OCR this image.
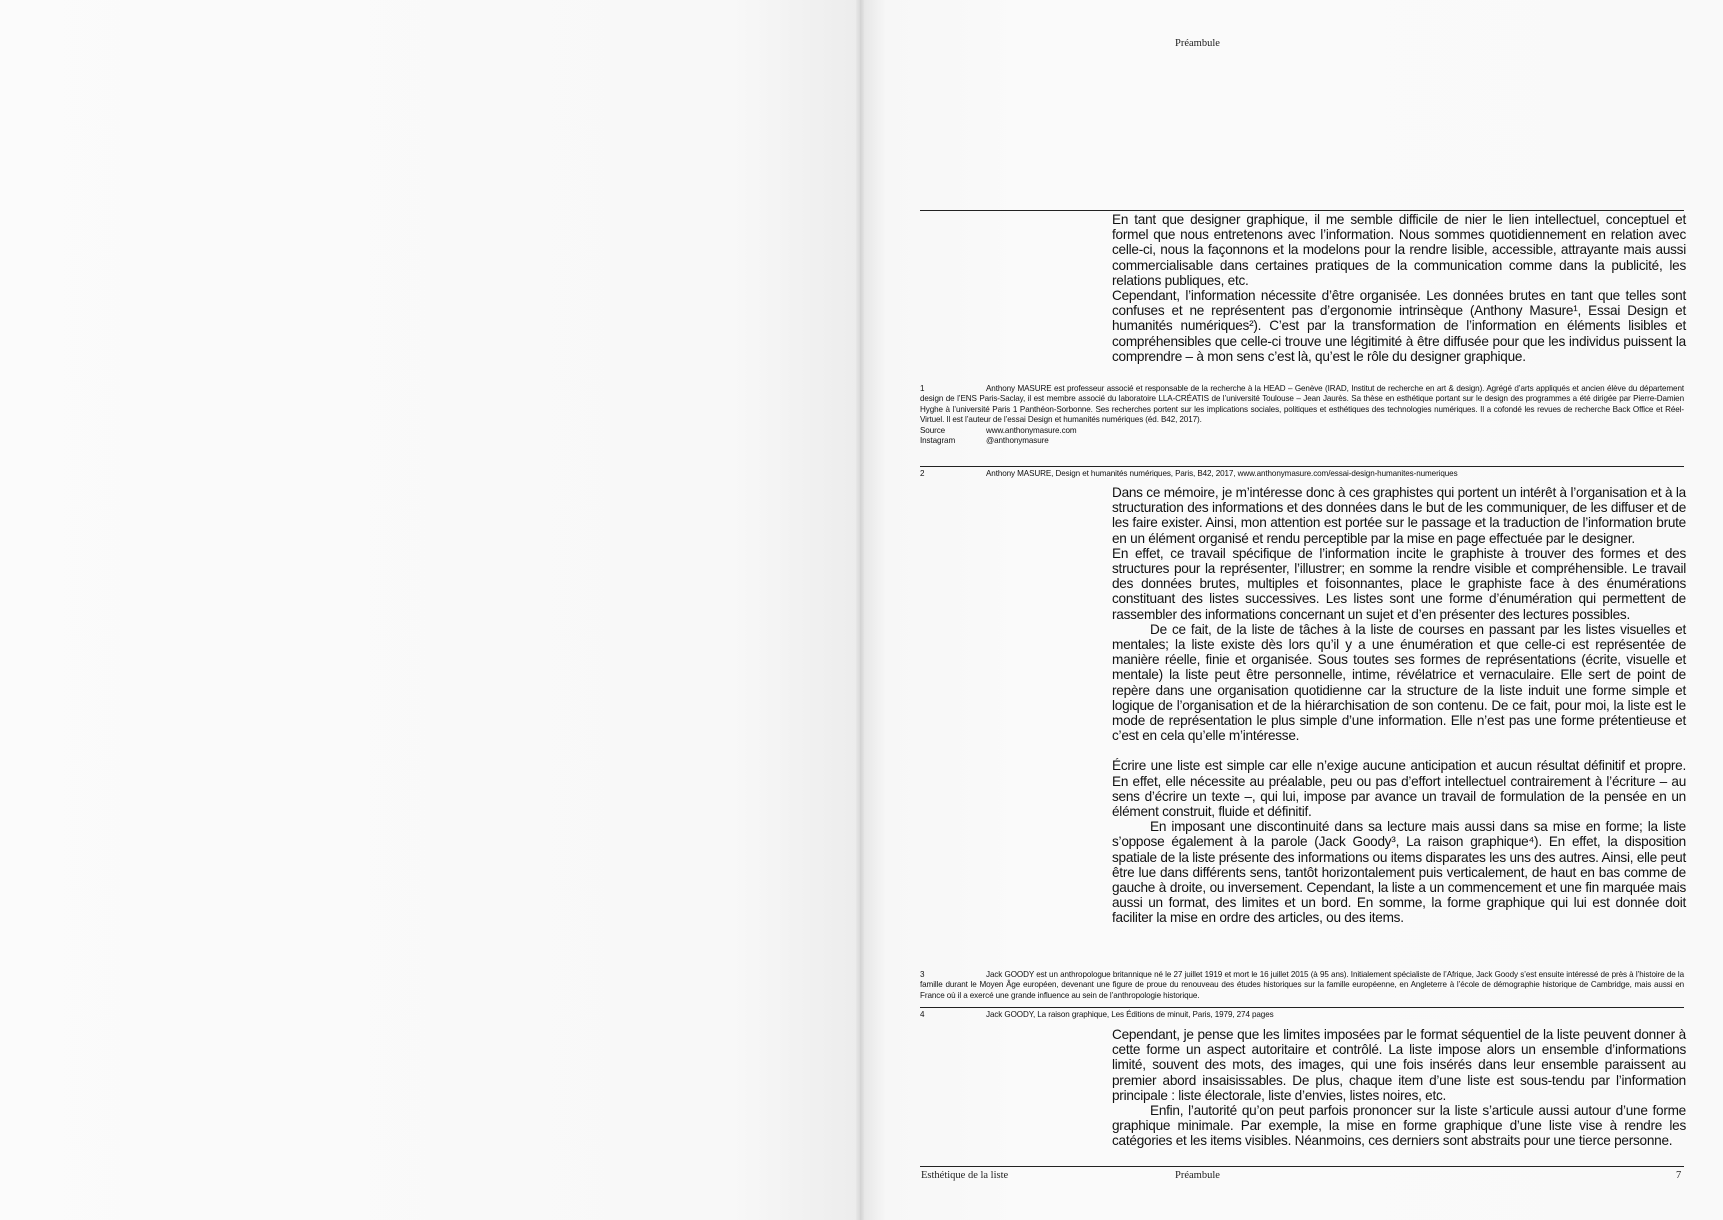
Préambule

En tant que designer graphique, il me semble difficile de nier le lien intellectuel, conceptuel et formel que nous entretenons avec l’information. Nous sommes quotidiennement en relation avec celle-ci, nous la façonnons et la modelons pour la rendre lisible, accessible, attrayante mais aussi commercialisable dans certaines pratiques de la communication comme dans la publicité, les relations publiques, etc.

Cependant, l’information nécessite d’être organisée. Les données brutes en tant que telles sont confuses et ne représentent pas d’ergonomie intrinsèque (Anthony Masure¹, Essai Design et humanités numériques²). C’est par la transformation de l’information en éléments lisibles et compréhensibles que celle-ci trouve une légitimité à être diffusée pour que les individus puissent la comprendre – à mon sens c’est là, qu’est le rôle du designer graphique.

1	Anthony MASURE est professeur associé et responsable de la recherche à la HEAD – Genève (IRAD, Institut de recherche en art & design). Agrégé d’arts appliqués et ancien élève du département design de l’ENS Paris-Saclay, il est membre associé du laboratoire LLA-CRÉATIS de l’université Toulouse – Jean Jaurès. Sa thèse en esthétique portant sur le design des programmes a été dirigée par Pierre-Damien Hyghe à l’université Paris 1 Panthéon-Sorbonne. Ses recherches portent sur les implications sociales, politiques et esthétiques des technologies numériques. Il a cofondé les revues de recherche Back Office et Réel-Virtuel. Il est l’auteur de l’essai Design et humanités numériques (éd. B42, 2017).
Source	www.anthonymasure.com
Instagram	@anthonymasure
2	Anthony MASURE, Design et humanités numériques, Paris, B42, 2017, www.anthonymasure.com/essai-design-humanites-numeriques

Dans ce mémoire, je m’intéresse donc à ces graphistes qui portent un intérêt à l’organisation et à la structuration des informations et des données dans le but de les communiquer, de les diffuser et de les faire exister. Ainsi, mon attention est portée sur le passage et la traduction de l’information brute en un élément organisé et rendu perceptible par la mise en page effectuée par le designer.

En effet, ce travail spécifique de l’information incite le graphiste à trouver des formes et des structures pour la représenter, l’illustrer; en somme la rendre visible et compréhensible. Le travail des données brutes, multiples et foisonnantes, place le graphiste face à des énumérations constituant des listes successives. Les listes sont une forme d’énumération qui permettent de rassembler des informations concernant un sujet et d’en présenter des lectures possibles.

De ce fait, de la liste de tâches à la liste de courses en passant par les listes visuelles et mentales; la liste existe dès lors qu’il y a une énumération et que celle-ci est représentée de manière réelle, finie et organisée. Sous toutes ses formes de représentations (écrite, visuelle et mentale) la liste peut être personnelle, intime, révélatrice et vernaculaire. Elle sert de point de repère dans une organisation quotidienne car la structure de la liste induit une forme simple et logique de l’organisation et de la hiérarchisation de son contenu. De ce fait, pour moi, la liste est le mode de représentation le plus simple d’une information. Elle n’est pas une forme prétentieuse et c’est en cela qu’elle m’intéresse.

Écrire une liste est simple car elle n’exige aucune anticipation et aucun résultat définitif et propre. En effet, elle nécessite au préalable, peu ou pas d’effort intellectuel contrairement à l’écriture – au sens d’écrire un texte –, qui lui, impose par avance un travail de formulation de la pensée en un élément construit, fluide et définitif.

En imposant une discontinuité dans sa lecture mais aussi dans sa mise en forme; la liste s’oppose également à la parole (Jack Goody³, La raison graphique⁴). En effet, la disposition spatiale de la liste présente des informations ou items disparates les uns des autres. Ainsi, elle peut être lue dans différents sens, tantôt horizontalement puis verticalement, de haut en bas comme de gauche à droite, ou inversement. Cependant, la liste a un commencement et une fin marquée mais aussi un format, des limites et un bord. En somme, la forme graphique qui lui est donnée doit faciliter la mise en ordre des articles, ou des items.

3	Jack GOODY est un anthropologue britannique né le 27 juillet 1919 et mort le 16 juillet 2015 (à 95 ans). Initialement spécialiste de l’Afrique, Jack Goody s’est ensuite intéressé de près à l’histoire de la famille durant le Moyen Âge européen, devenant une figure de proue du renouveau des études historiques sur la famille européenne, en Angleterre à l’école de démographie historique de Cambridge, mais aussi en France où il a exercé une grande influence au sein de l’anthropologie historique.
4	Jack GOODY, La raison graphique, Les Éditions de minuit, Paris, 1979, 274 pages

Cependant, je pense que les limites imposées par le format séquentiel de la liste peuvent donner à cette forme un aspect autoritaire et contrôlé. La liste impose alors un ensemble d’informations limité, souvent des mots, des images, qui une fois insérés dans leur ensemble paraissent au premier abord insaisissables. De plus, chaque item d’une liste est sous-tendu par l’information principale : liste électorale, liste d’envies, listes noires, etc.

Enfin, l’autorité qu’on peut parfois prononcer sur la liste s’articule aussi autour d’une forme graphique minimale. Par exemple, la mise en forme graphique d’une liste vise à rendre les catégories et les items visibles. Néanmoins, ces derniers sont abstraits pour une tierce personne.

Esthétique de la liste	Préambule	7
